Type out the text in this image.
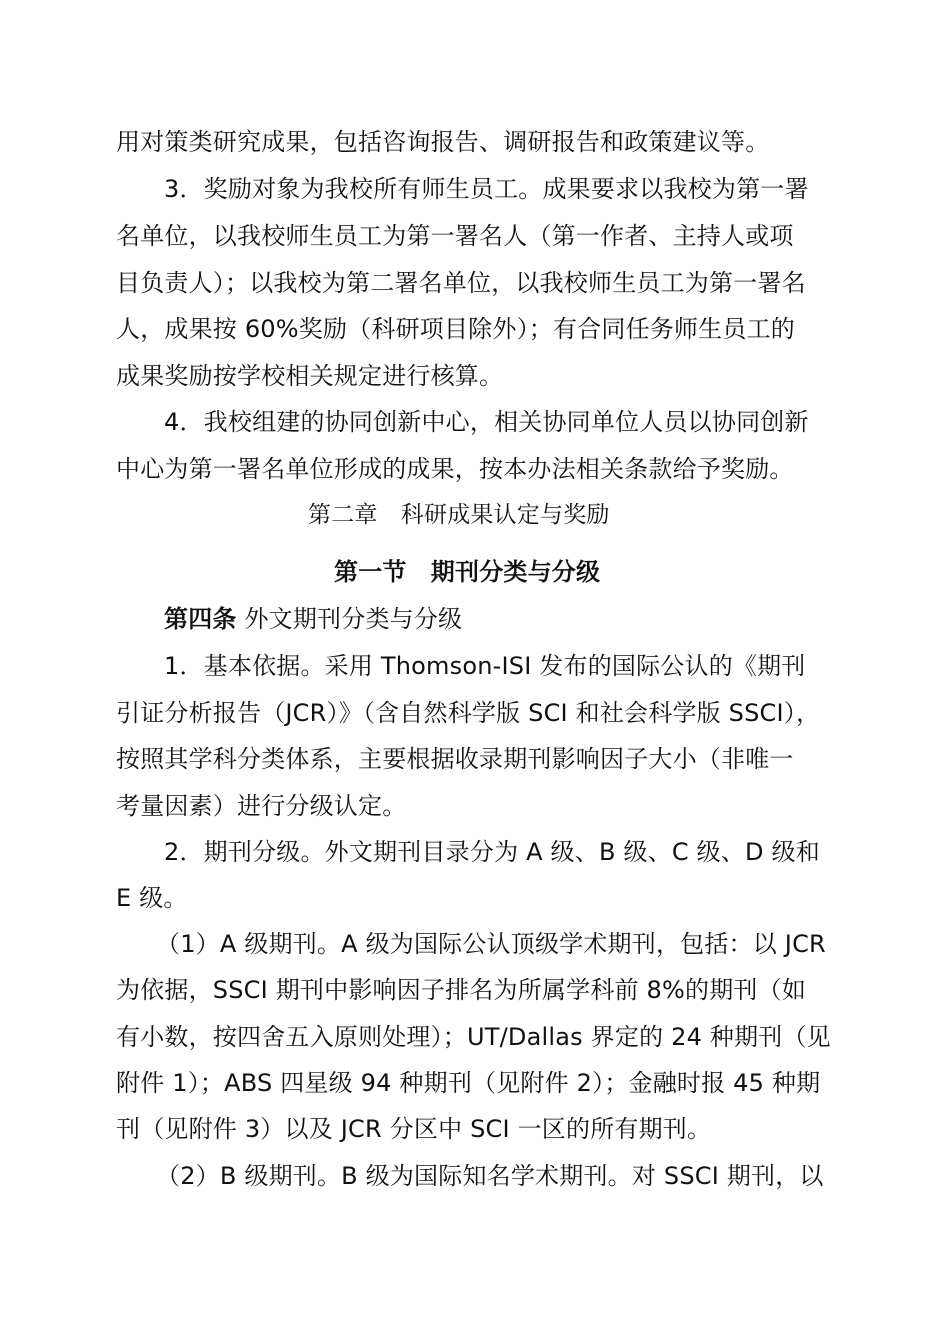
用对策类研究成果，包括咨询报告、调研报告和政策建议等。
3．奖励对象为我校所有师生员工。成果要求以我校为第一署
名单位，以我校师生员工为第一署名人（第一作者、主持人或项
目负责人）；以我校为第二署名单位，以我校师生员工为第一署名
人，成果按 60%奖励（科研项目除外）；有合同任务师生员工的
成果奖励按学校相关规定进行核算。
4．我校组建的协同创新中心，相关协同单位人员以协同创新
中心为第一署名单位形成的成果，按本办法相关条款给予奖励。
第二章　科研成果认定与奖励
第一节　期刊分类与分级
第四条 外文期刊分类与分级
1．基本依据。采用 Thomson-ISI 发布的国际公认的《期刊
引证分析报告（JCR）》（含自然科学版 SCI 和社会科学版 SSCI），
按照其学科分类体系，主要根据收录期刊影响因子大小（非唯一
考量因素）进行分级认定。
2．期刊分级。外文期刊目录分为 A 级、B 级、C 级、D 级和
E 级。
（1）A 级期刊。A 级为国际公认顶级学术期刊，包括：以 JCR
为依据，SSCI 期刊中影响因子排名为所属学科前 8%的期刊（如
有小数，按四舍五入原则处理）；UT/Dallas 界定的 24 种期刊（见
附件 1）；ABS 四星级 94 种期刊（见附件 2）；金融时报 45 种期
刊（见附件 3）以及 JCR 分区中 SCI 一区的所有期刊。
（2）B 级期刊。B 级为国际知名学术期刊。对 SSCI 期刊，以
